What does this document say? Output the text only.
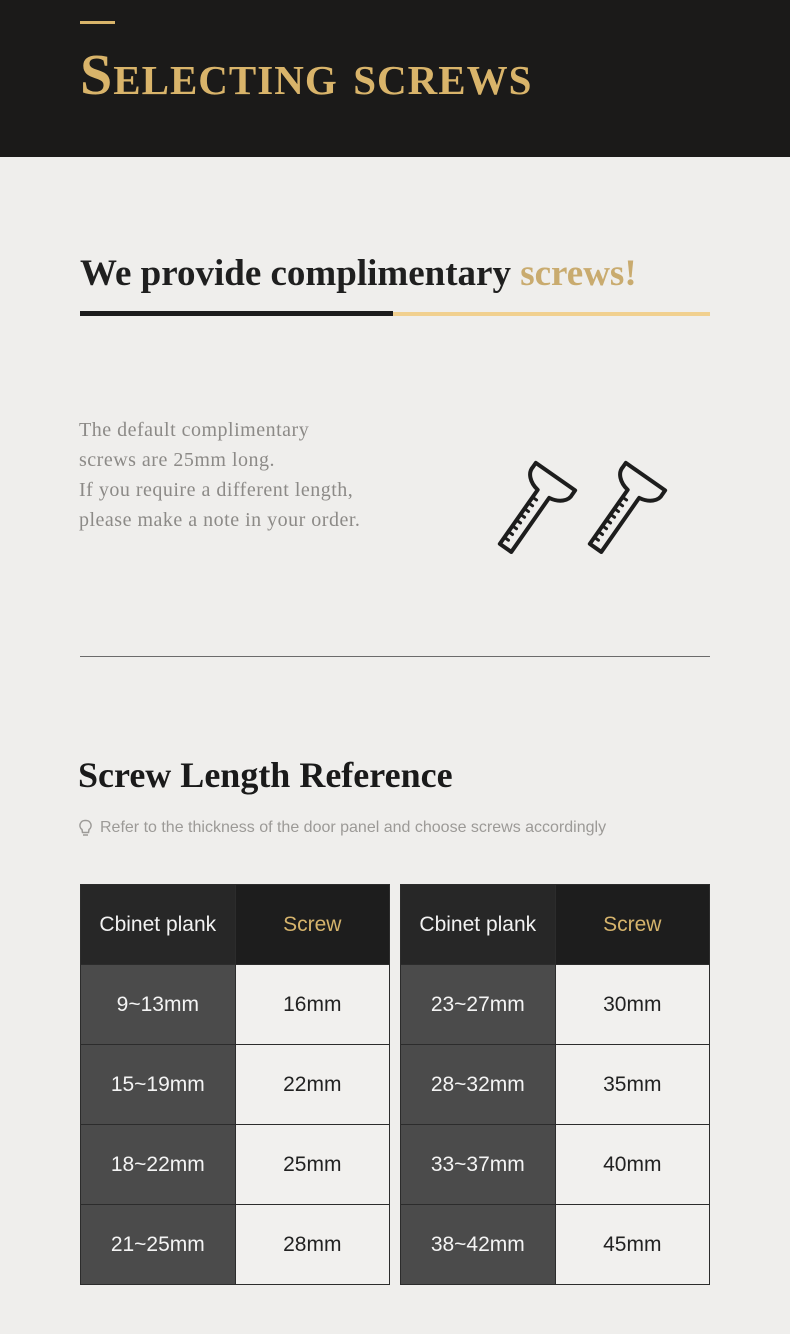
Selecting screws
We provide complimentary screws!

The default complimentary

screws are 25mm long.

If you require a different length,

please make a note in your order.

Screw Length Reference
Refer to the thickness of the door panel and choose screws accordingly
Cbinet plank	Screw
9~13mm	16mm
15~19mm	22mm
18~22mm	25mm
21~25mm	28mm
Cbinet plank	Screw
23~27mm	30mm
28~32mm	35mm
33~37mm	40mm
38~42mm	45mm
